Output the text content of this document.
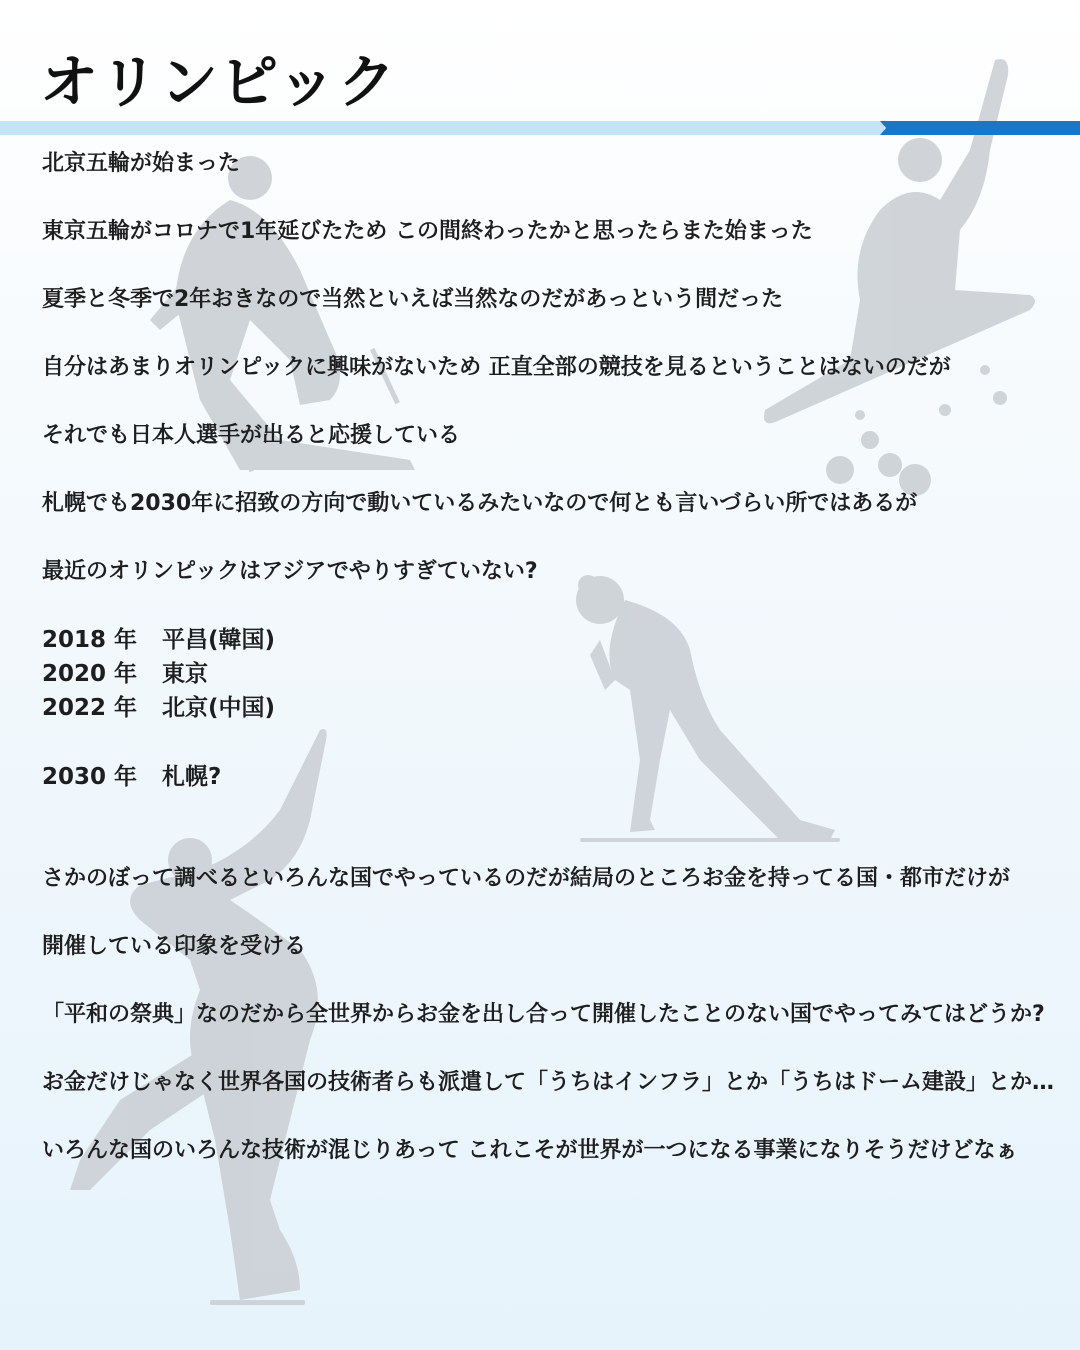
オリンピック

北京五輪が始まった

東京五輪がコロナで1年延びたため この間終わったかと思ったらまた始まった

夏季と冬季で2年おきなので当然といえば当然なのだがあっという間だった

自分はあまりオリンピックに興味がないため 正直全部の競技を見るということはないのだが

それでも日本人選手が出ると応援している

札幌でも2030年に招致の方向で動いているみたいなので何とも言いづらい所ではあるが

最近のオリンピックはアジアでやりすぎていない?

2018 年 平昌(韓国)

2020 年 東京

2022 年 北京(中国)

2030 年 札幌?

さかのぼって調べるといろんな国でやっているのだが結局のところお金を持ってる国・都市だけが

開催している印象を受ける

「平和の祭典」なのだから全世界からお金を出し合って開催したことのない国でやってみてはどうか?

お金だけじゃなく世界各国の技術者らも派遣して「うちはインフラ」とか「うちはドーム建設」とか…

いろんな国のいろんな技術が混じりあって これこそが世界が一つになる事業になりそうだけどなぁ
